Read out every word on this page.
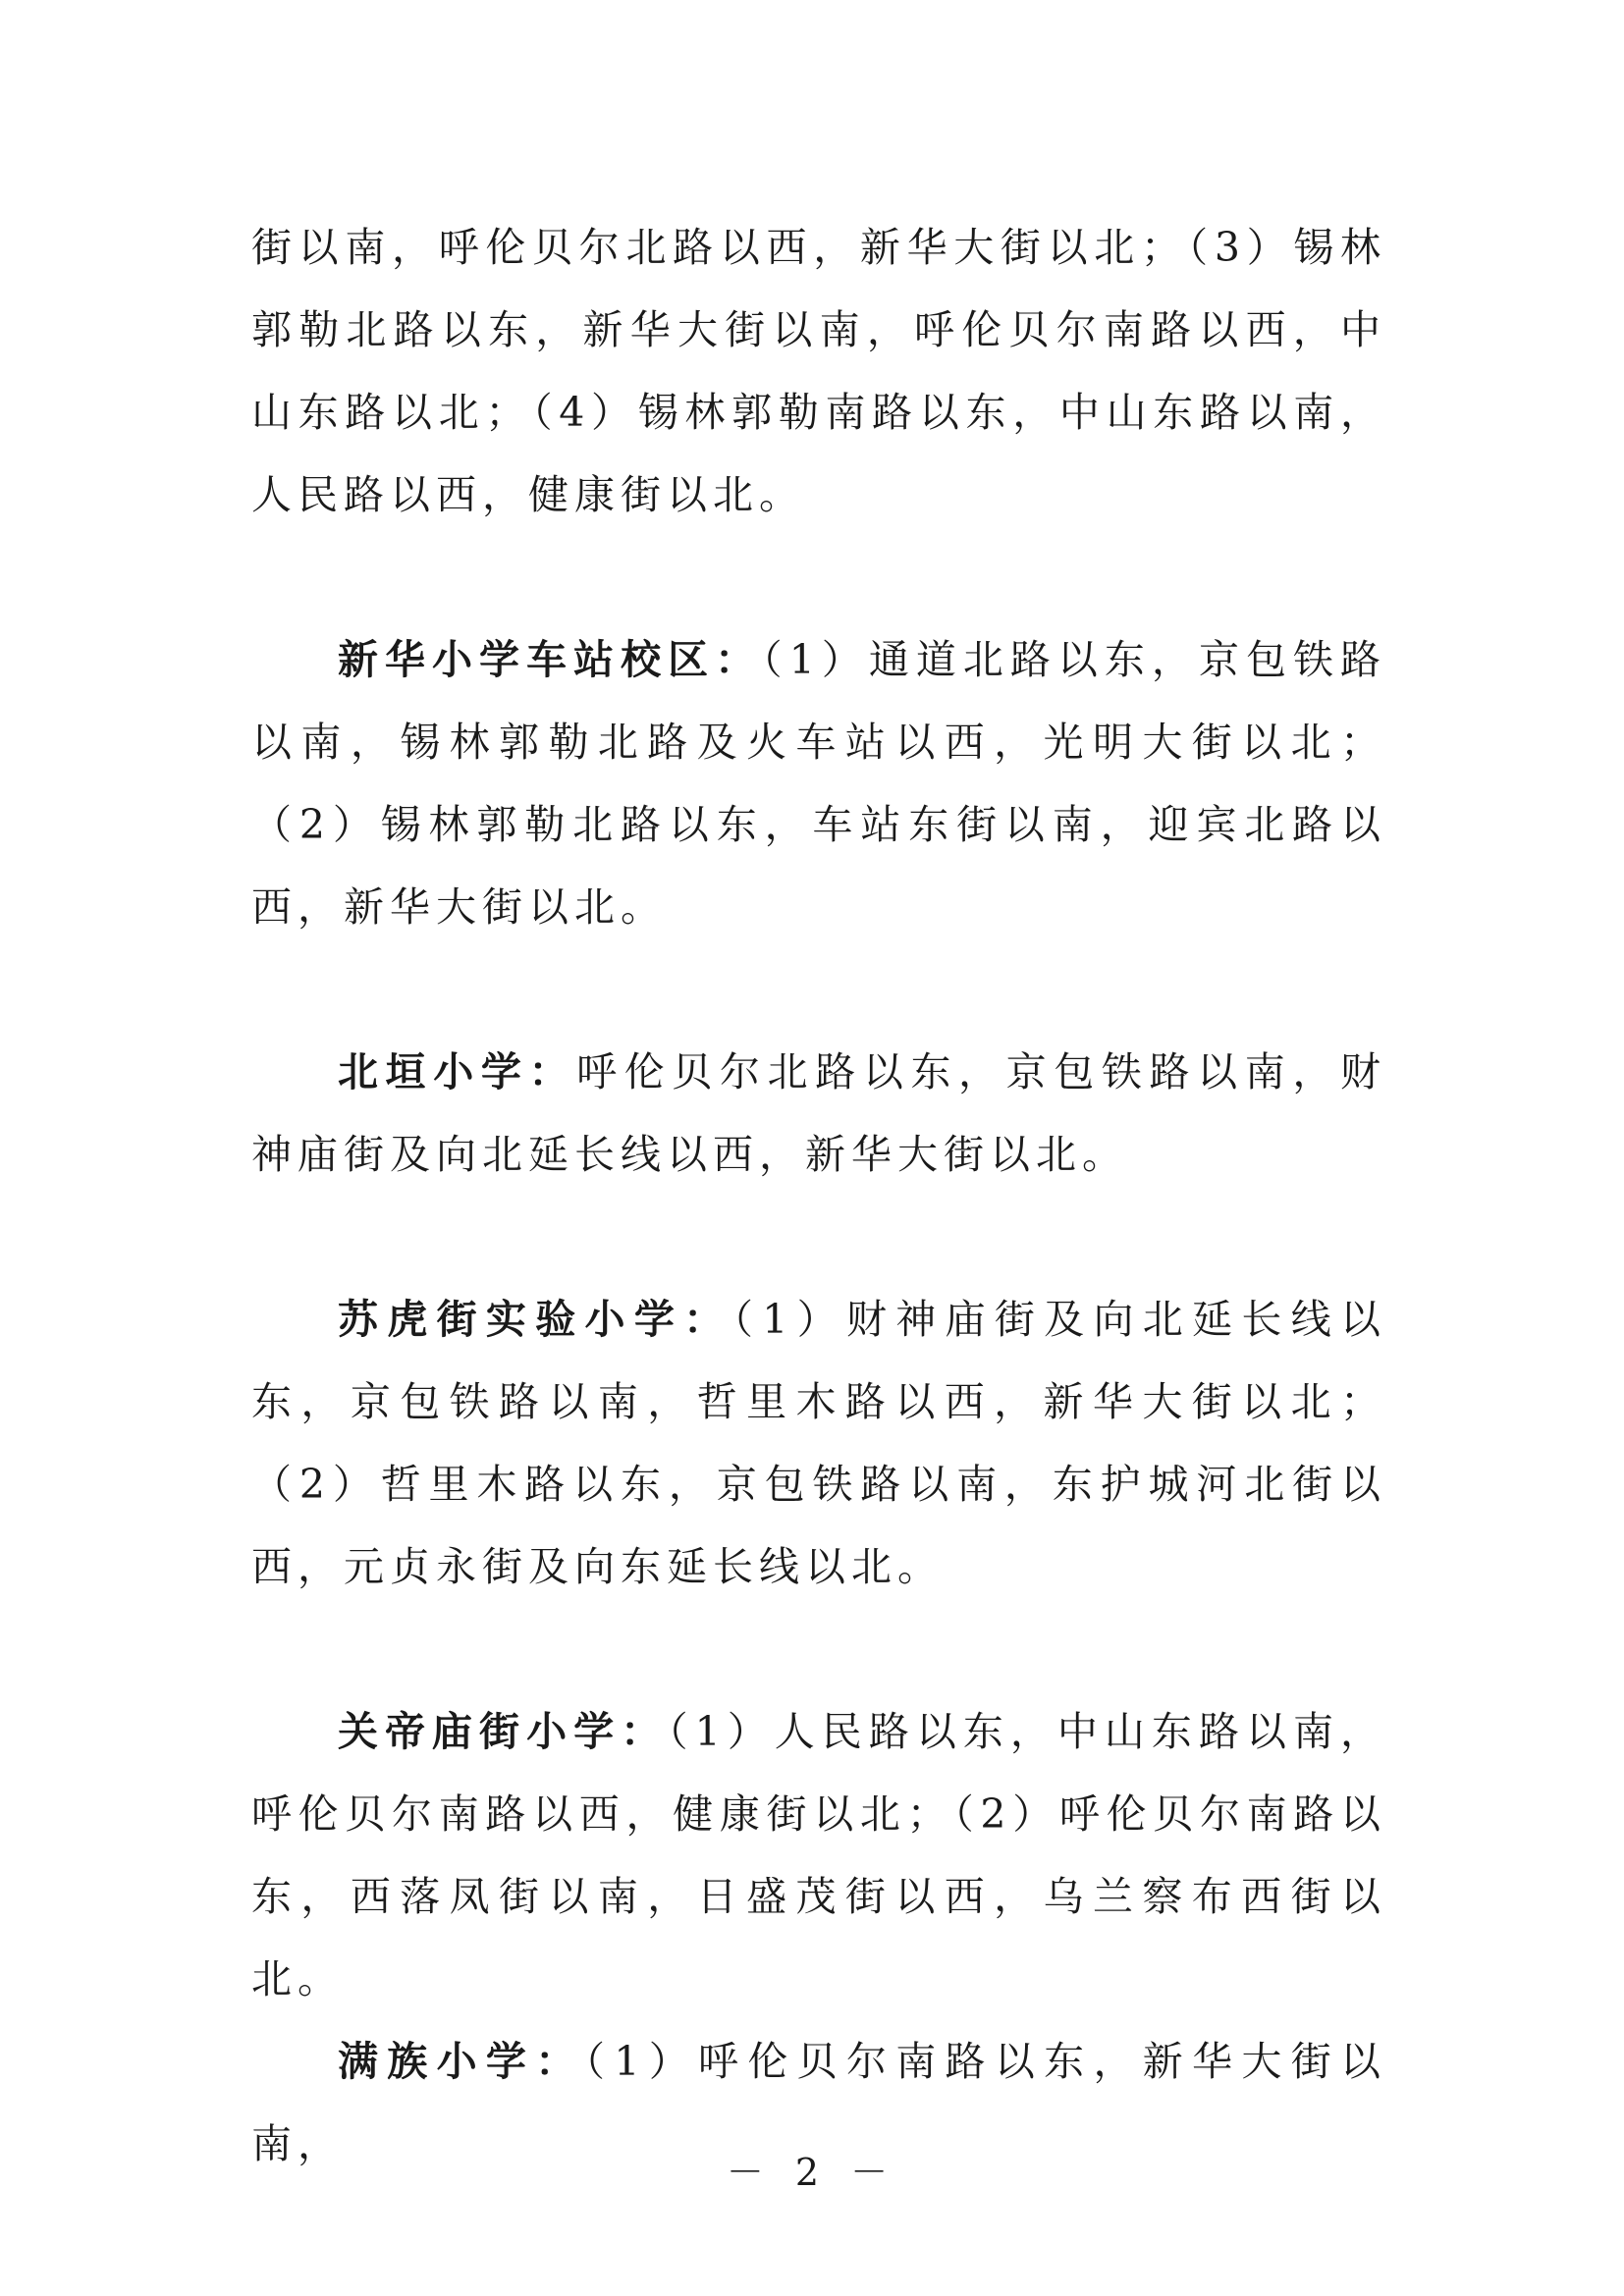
街以南，呼伦贝尔北路以西，新华大街以北；（3）锡林郭勒北路以东，新华大街以南，呼伦贝尔南路以西，中山东路以北；（4）锡林郭勒南路以东，中山东路以南，人民路以西，健康街以北。

新华小学车站校区：（1）通道北路以东，京包铁路以南，锡林郭勒北路及火车站以西，光明大街以北；（2）锡林郭勒北路以东，车站东街以南，迎宾北路以西，新华大街以北。

北垣小学：呼伦贝尔北路以东，京包铁路以南，财神庙街及向北延长线以西，新华大街以北。

苏虎街实验小学：（1）财神庙街及向北延长线以东，京包铁路以南，哲里木路以西，新华大街以北；（2）哲里木路以东，京包铁路以南，东护城河北街以西，元贞永街及向东延长线以北。

关帝庙街小学：（1）人民路以东，中山东路以南，呼伦贝尔南路以西，健康街以北；（2）呼伦贝尔南路以东，西落凤街以南，日盛茂街以西，乌兰察布西街以北。

满族小学：（1）呼伦贝尔南路以东，新华大街以南，

－ 2 －
